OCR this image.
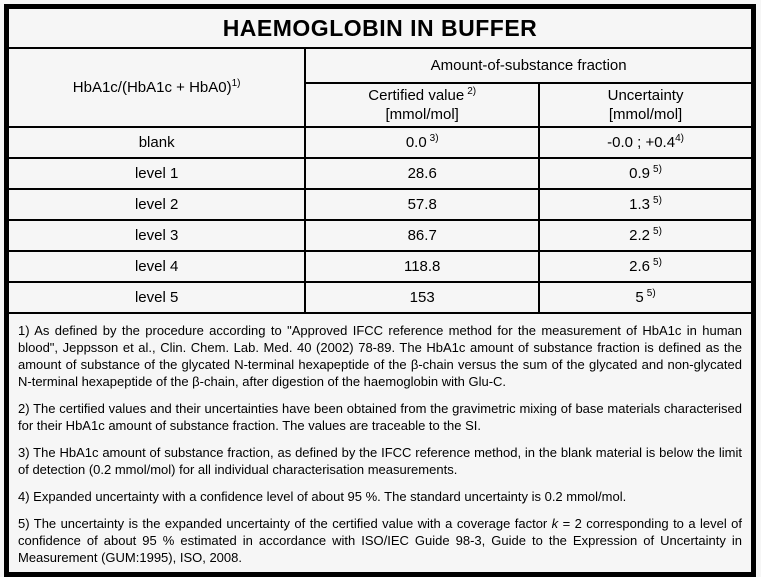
HAEMOGLOBIN IN BUFFER		
HbA1c/(HbA1c + HbA0)$^{1)}$	Amount-of-substance fraction	

Certified value $^{2)}$
[mmol/mol]

Uncertainty
[mmol/mol]

blank	0.0 $^{3)}$	-0.0 ; +0.4$^{4)}$
level 1	28.6	0.9 $^{5)}$
level 2	57.8	1.3 $^{5)}$
level 3	86.7	2.2 $^{5)}$
level 4	118.8	2.6 $^{5)}$
level 5	153	5 $^{5)}$

1) As defined by the procedure according to "Approved IFCC reference method for the measurement of HbA1c in human blood", Jeppsson et al., Clin. Chem. Lab. Med. 40 (2002) 78-89. The HbA1c amount of substance fraction is defined as the amount of substance of the glycated N-terminal hexapeptide of the β-chain versus the sum of the glycated and non-glycated N-terminal hexapeptide of the β-chain, after digestion of the haemoglobin with Glu-C.

2) The certified values and their uncertainties have been obtained from the gravimetric mixing of base materials characterised for their HbA1c amount of substance fraction. The values are traceable to the SI.

3) The HbA1c amount of substance fraction, as defined by the IFCC reference method, in the blank material is below the limit of detection (0.2 mmol/mol) for all individual characterisation measurements.

4) Expanded uncertainty with a confidence level of about 95 %. The standard uncertainty is 0.2 mmol/mol.

5) The uncertainty is the expanded uncertainty of the certified value with a coverage factor k = 2 corresponding to a level of confidence of about 95 % estimated in accordance with ISO/IEC Guide 98-3, Guide to the Expression of Uncertainty in Measurement (GUM:1995), ISO, 2008.		
